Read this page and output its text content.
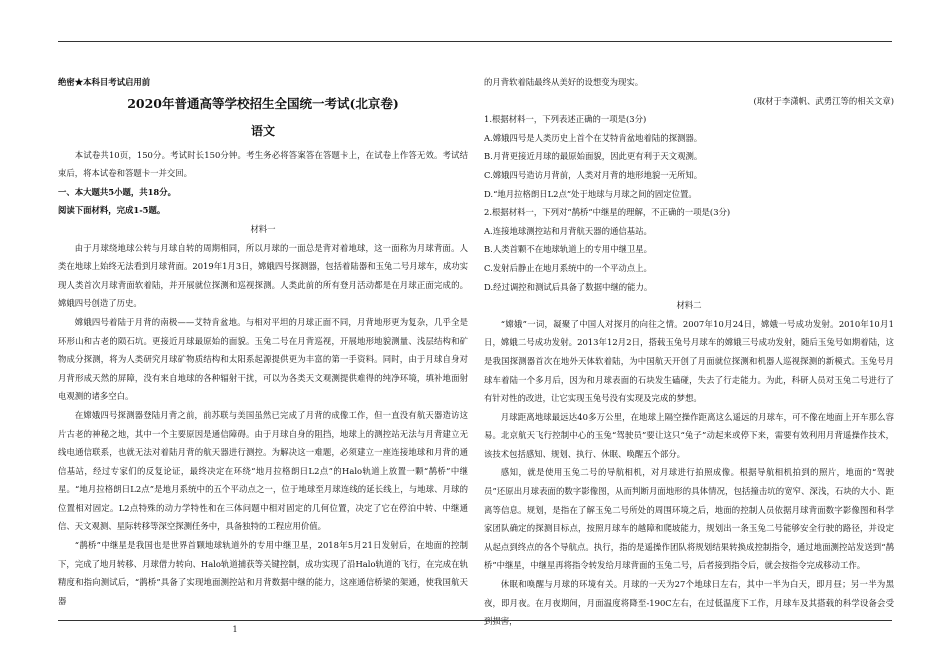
绝密★本科目考试启用前

2020年普通高等学校招生全国统一考试(北京卷)

语文

本试卷共10页，150分。考试时长150分钟。考生务必将答案答在答题卡上，在试卷上作答无效。考试结束后，将本试卷和答题卡一并交回。

一、本大题共5小题，共18分。

阅读下面材料，完成1-5题。

材料一

由于月球绕地球公转与月球自转的周期相同，所以月球的一面总是背对着地球，这一面称为月球背面。人类在地球上始终无法看到月球背面。2019年1月3日，嫦娥四号探测器，包括着陆器和玉兔二号月球车，成功实现人类首次月球背面软着陆，并开展就位探测和巡视探测。人类此前的所有登月活动都是在月球正面完成的。嫦娥四号创造了历史。

嫦娥四号着陆于月背的南极——艾特肯盆地。与相对平坦的月球正面不同，月背地形更为复杂，几乎全是环形山和古老的陨石坑。更接近月球最原始的面貌。玉兔二号在月背巡视，开展地形地貌测量、浅层结构和矿物成分探测，将为人类研究月球矿物质结构和太阳系起源提供更为丰富的第一手资料。同时，由于月球自身对月背形成天然的屏障，没有来自地球的各种辐射干扰，可以为各类天文观测提供难得的纯净环境，填补地面射电观测的诸多空白。

在嫦娥四号探测器登陆月背之前，前苏联与美国虽然已完成了月背的成像工作，但一直没有航天器造访这片古老的神秘之地，其中一个主要原因是通信障碍。由于月球自身的阻挡，地球上的测控站无法与月背建立无线电通信联系，也就无法对着陆月背的航天器进行测控。为解决这一难题，必须建立一座连接地球和月背的通信基站，经过专家们的反复论证，最终决定在环绕“地月拉格朗日L2点”的Halo轨道上放置一颗“鹊桥”中继星。“地月拉格朗日L2点”是地月系统中的五个平动点之一，位于地球至月球连线的延长线上，与地球、月球的位置相对固定。L2点特殊的动力学特性和在三体问题中相对固定的几何位置，决定了它在停泊中转、中继通信、天文观测、星际转移等深空探测任务中，具备独特的工程应用价值。

“鹊桥”中继星是我国也是世界首颗地球轨道外的专用中继卫星，2018年5月21日发射后，在地面的控制下，完成了地月转移、月球借力转向、Halo轨道捕获等关键控制，成功实现了沿Halo轨道的飞行，在完成在轨精度和指向测试后，“鹊桥”具备了实现地面测控站和月背数据中继的能力，这座通信桥梁的架通，使我国航天器

的月背软着陆最终从美好的设想变为现实。

(取材于李潇帆、武勇江等的相关文章)

1.根据材料一，下列表述正确的一项是(3分)

A.嫦娥四号是人类历史上首个在艾特肯盆地着陆的探测器。

B.月背更接近月球的最原始面貌，因此更有利于天文观测。

C.嫦娥四号造访月背前，人类对月背的地形地貌一无所知。

D.“地月拉格朗日L2点”处于地球与月球之间的固定位置。

2.根据材料一，下列对“鹊桥”中继星的理解，不正确的一项是(3分)

A.连接地球测控站和月背航天器的通信基站。

B.人类首颗不在地球轨道上的专用中继卫星。

C.发射后静止在地月系统中的一个平动点上。

D.经过调控和测试后具备了数据中继的能力。

材料二

“嫦娥”一词，凝聚了中国人对探月的向往之情。2007年10月24日，嫦娥一号成功发射。2010年10月1日，嫦娥二号成功发射。2013年12月2日，搭载玉兔号月球车的嫦娥三号成功发射，随后玉兔号如期着陆，这是我国探测器首次在地外天体软着陆，为中国航天开创了月面就位探测和机器人巡视探测的新模式。玉兔号月球车着陆一个多月后，因为和月球表面的石块发生磕碰，失去了行走能力。为此，科研人员对玉兔二号进行了有针对性的改进，让它实现玉兔号没有实现及完成的梦想。

月球距离地球最远达40多万公里，在地球上隔空操作距离这么遥远的月球车，可不像在地面上开车那么容易。北京航天飞行控制中心的玉兔“驾驶员”要让这只“兔子”动起来或停下来，需要有效利用月背遥操作技术，该技术包括感知、规划、执行、休眠、唤醒五个部分。

感知，就是使用玉兔二号的导航相机，对月球进行拍照成像。根据导航相机拍到的照片，地面的“驾驶员”还原出月球表面的数字影像图，从而判断月面地形的具体情况，包括撞击坑的宽窄、深浅，石块的大小、距离等信息。规划，是指在了解玉兔二号所处的周围环境之后，地面的控制人员依据月球背面数字影像图和科学家团队确定的探测目标点，按照月球车的越障和爬坡能力，规划出一条玉兔二号能够安全行驶的路径，并设定从起点到终点的各个导航点。执行，指的是遥操作团队将规划结果转换成控制指令，通过地面测控站发送到“鹊桥”中继星，中继星再将指令转发给月球背面的玉兔二号，后者接到指令后，就会按指令完成移动工作。

休眠和唤醒与月球的环境有关。月球的一天为27个地球日左右，其中一半为白天，即月昼；另一半为黑夜，即月夜。在月夜期间，月面温度将降至-190C左右，在过低温度下工作，月球车及其搭载的科学设备会受到损害，

1
